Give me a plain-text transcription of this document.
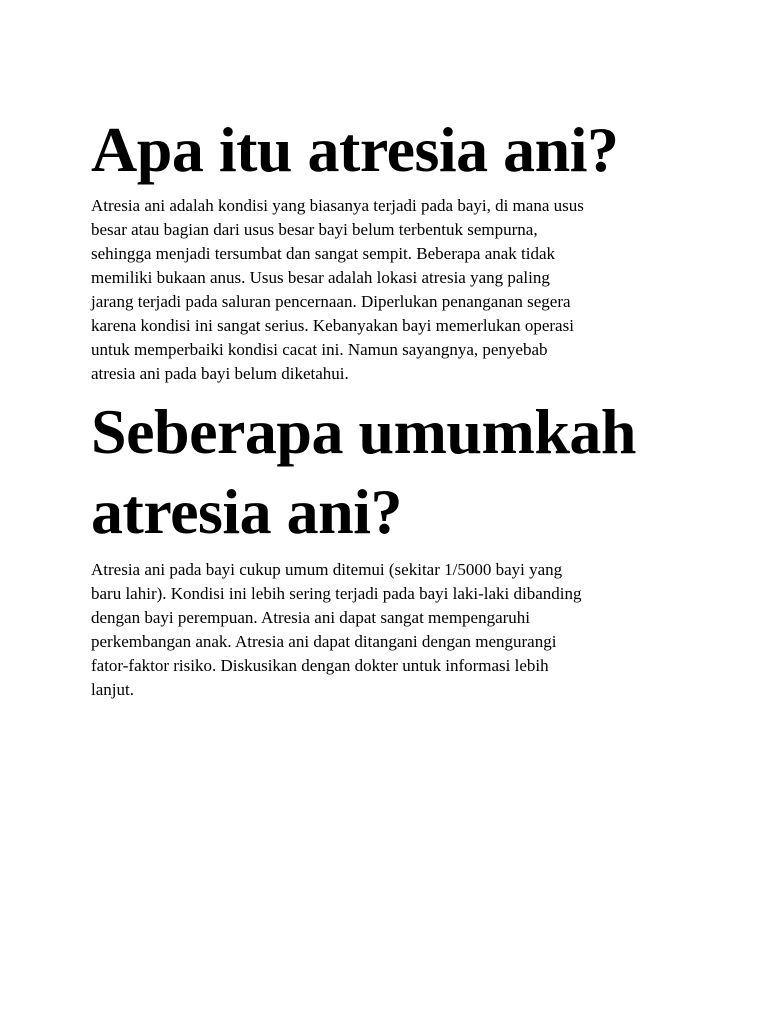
Apa itu atresia ani?

Atresia ani adalah kondisi yang biasanya terjadi pada bayi, di mana usus
besar atau bagian dari usus besar bayi belum terbentuk sempurna,
sehingga menjadi tersumbat dan sangat sempit. Beberapa anak tidak
memiliki bukaan anus. Usus besar adalah lokasi atresia yang paling
jarang terjadi pada saluran pencernaan. Diperlukan penanganan segera
karena kondisi ini sangat serius. Kebanyakan bayi memerlukan operasi
untuk memperbaiki kondisi cacat ini. Namun sayangnya, penyebab
atresia ani pada bayi belum diketahui.

Seberapa umumkah
atresia ani?

Atresia ani pada bayi cukup umum ditemui (sekitar 1/5000 bayi yang
baru lahir). Kondisi ini lebih sering terjadi pada bayi laki-laki dibanding
dengan bayi perempuan. Atresia ani dapat sangat mempengaruhi
perkembangan anak. Atresia ani dapat ditangani dengan mengurangi
fator-faktor risiko. Diskusikan dengan dokter untuk informasi lebih
lanjut.
